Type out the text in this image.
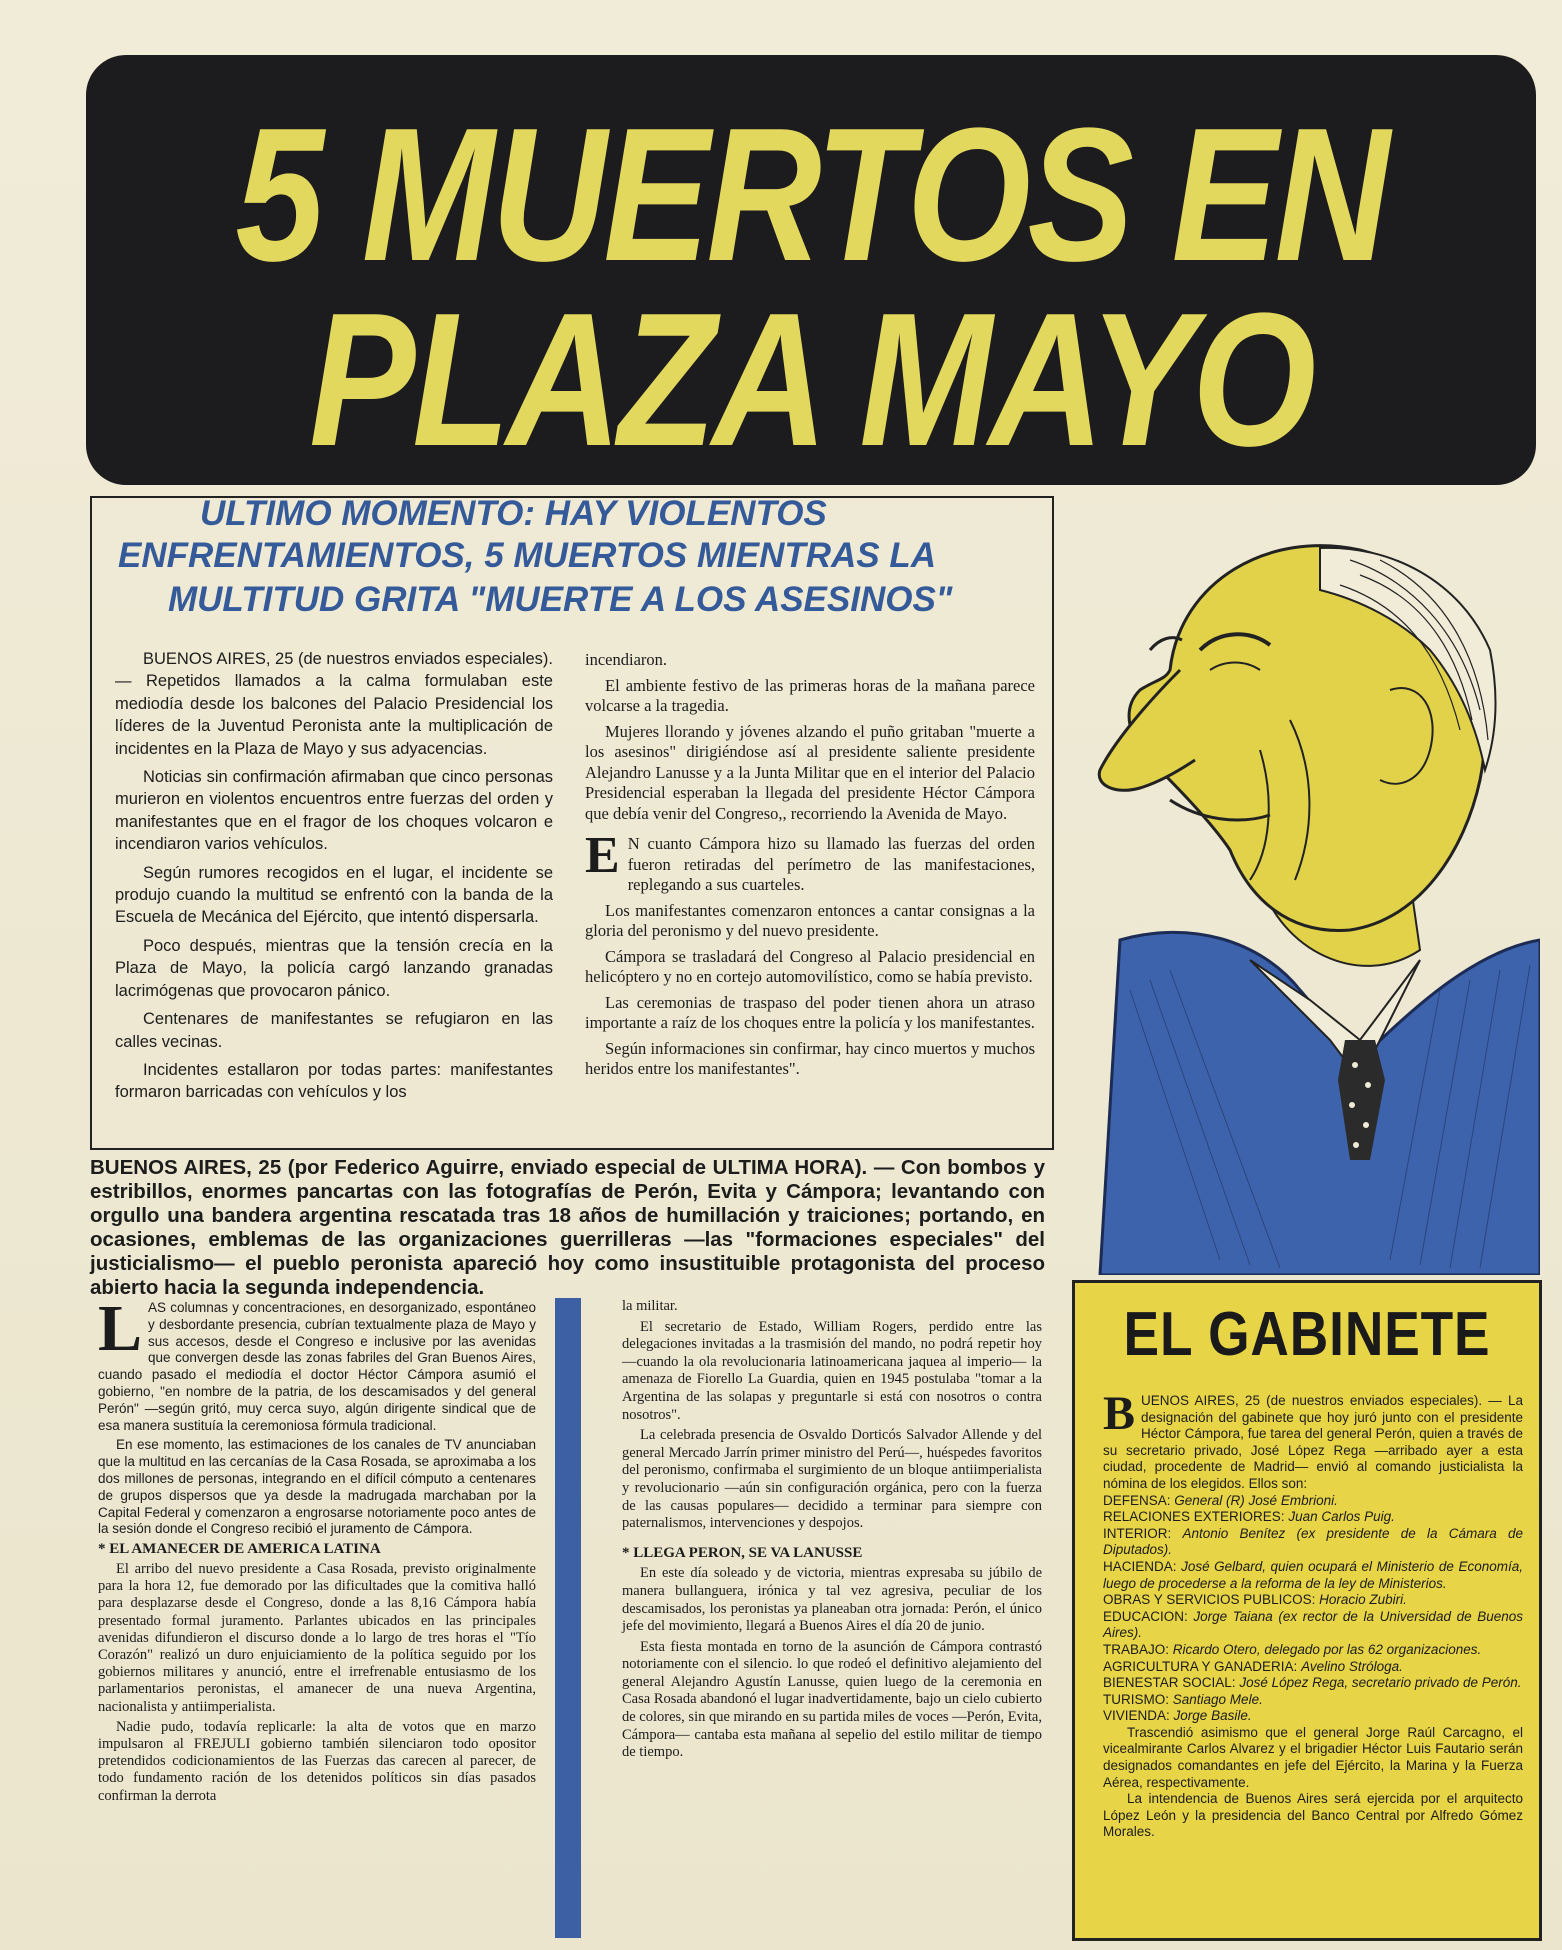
5 MUERTOS EN
PLAZA MAYO
ULTIMO MOMENTO: HAY VIOLENTOS
ENFRENTAMIENTOS, 5 MUERTOS MIENTRAS LA
MULTITUD GRITA "MUERTE A LOS ASESINOS"

BUENOS AIRES, 25 (de nuestros enviados especiales). — Repetidos llamados a la calma formulaban este mediodía desde los balcones del Palacio Presidencial los líderes de la Juventud Peronista ante la multiplicación de incidentes en la Plaza de Mayo y sus adyacencias.

Noticias sin confirmación afirmaban que cinco personas murieron en violentos encuentros entre fuerzas del orden y manifestantes que en el fragor de los choques volcaron e incendiaron varios vehículos.

Según rumores recogidos en el lugar, el incidente se produjo cuando la multitud se enfrentó con la banda de la Escuela de Mecánica del Ejército, que intentó dispersarla.

Poco después, mientras que la tensión crecía en la Plaza de Mayo, la policía cargó lanzando granadas lacrimógenas que provocaron pánico.

Centenares de manifestantes se refugiaron en las calles vecinas.

Incidentes estallaron por todas partes: manifestantes formaron barricadas con vehículos y los

incendiaron.

El ambiente festivo de las primeras horas de la mañana parece volcarse a la tragedia.

Mujeres llorando y jóvenes alzando el puño gritaban "muerte a los asesinos" dirigiéndose así al presidente saliente presidente Alejandro Lanusse y a la Junta Militar que en el interior del Palacio Presidencial esperaban la llegada del presidente Héctor Cámpora que debía venir del Congreso,, recorriendo la Avenida de Mayo.

E N cuanto Cámpora hizo su llamado las fuerzas del orden fueron retiradas del perímetro de las manifestaciones, replegando a sus cuarteles.

Los manifestantes comenzaron entonces a cantar consignas a la gloria del peronismo y del nuevo presidente.

Cámpora se trasladará del Congreso al Palacio presidencial en helicóptero y no en cortejo automovilístico, como se había previsto.

Las ceremonias de traspaso del poder tienen ahora un atraso importante a raíz de los choques entre la policía y los manifestantes.

Según informaciones sin confirmar, hay cinco muertos y muchos heridos entre los manifestantes".

BUENOS AIRES, 25 (por Federico Aguirre, enviado especial de ULTIMA HORA). — Con bombos y estribillos, enormes pancartas con las fotografías de Perón, Evita y Cámpora; levantando con orgullo una bandera argentina rescatada tras 18 años de humillación y traiciones; portando, en ocasiones, emblemas de las organizaciones guerrilleras —las "formaciones especiales" del justicialismo— el pueblo peronista apareció hoy como insustituible protagonista del proceso abierto hacia la segunda independencia.

LAS columnas y concentraciones, en desorganizado, espontáneo y desbordante presencia, cubrían textualmente plaza de Mayo y sus accesos, desde el Congreso e inclusive por las avenidas que convergen desde las zonas fabriles del Gran Buenos Aires, cuando pasado el mediodía el doctor Héctor Cámpora asumió el gobierno, "en nombre de la patria, de los descamisados y del general Perón" —según gritó, muy cerca suyo, algún dirigente sindical que de esa manera sustituía la ceremoniosa fórmula tradicional.

En ese momento, las estimaciones de los canales de TV anunciaban que la multitud en las cercanías de la Casa Rosada, se aproximaba a los dos millones de personas, integrando en el difícil cómputo a centenares de grupos dispersos que ya desde la madrugada marchaban por la Capital Federal y comenzaron a engrosarse notoriamente poco antes de la sesión donde el Congreso recibió el juramento de Cámpora.

* EL AMANECER DE AMERICA LATINA

El arribo del nuevo presidente a Casa Rosada, previsto originalmente para la hora 12, fue demorado por las dificultades que la comitiva halló para desplazarse desde el Congreso, donde a las 8,16 Cámpora había presentado formal juramento. Parlantes ubicados en las principales avenidas difundieron el discurso donde a lo largo de tres horas el "Tío Corazón" realizó un duro enjuiciamiento de la política seguido por los gobiernos militares y anunció, entre el irrefrenable entusiasmo de los parlamentarios peronistas, el amanecer de una nueva Argentina, nacionalista y antiimperialista.

Nadie pudo, todavía replicarle: la alta de votos que en marzo impulsaron al FREJULI gobierno también silenciaron todo opositor pretendidos codicionamientos de las Fuerzas das carecen al parecer, de todo fundamento ración de los detenidos políticos sin días pasados confirman la derrota

la militar.

El secretario de Estado, William Rogers, perdido entre las delegaciones invitadas a la trasmisión del mando, no podrá repetir hoy —cuando la ola revolucionaria latinoamericana jaquea al imperio— la amenaza de Fiorello La Guardia, quien en 1945 postulaba "tomar a la Argentina de las solapas y preguntarle si está con nosotros o contra nosotros".

La celebrada presencia de Osvaldo Dorticós Salvador Allende y del general Mercado Jarrín primer ministro del Perú—, huéspedes favoritos del peronismo, confirmaba el surgimiento de un bloque antiimperialista y revolucionario —aún sin configuración orgánica, pero con la fuerza de las causas populares— decidido a terminar para siempre con paternalismos, intervenciones y despojos.

* LLEGA PERON, SE VA LANUSSE

En este día soleado y de victoria, mientras expresaba su júbilo de manera bullanguera, irónica y tal vez agresiva, peculiar de los descamisados, los peronistas ya planeaban otra jornada: Perón, el único jefe del movimiento, llegará a Buenos Aires el día 20 de junio.

Esta fiesta montada en torno de la asunción de Cámpora contrastó notoriamente con el silencio. lo que rodeó el definitivo alejamiento del general Alejandro Agustín Lanusse, quien luego de la ceremonia en Casa Rosada abandonó el lugar inadvertidamente, bajo un cielo cubierto de colores, sin que mirando en su partida miles de voces —Perón, Evita, Cámpora— cantaba esta mañana al sepelio del estilo militar de tiempo de tiempo.

EL GABINETE

BUENOS AIRES, 25 (de nuestros enviados especiales). — La designación del gabinete que hoy juró junto con el presidente Héctor Cámpora, fue tarea del general Perón, quien a través de su secretario privado, José López Rega —arribado ayer a esta ciudad, procedente de Madrid— envió al comando justicialista la nómina de los elegidos. Ellos son:

DEFENSA: General (R) José Embrioni.

RELACIONES EXTERIORES: Juan Carlos Puig.

INTERIOR: Antonio Benítez (ex presidente de la Cámara de Diputados).

HACIENDA: José Gelbard, quien ocupará el Ministerio de Economía, luego de procederse a la reforma de la ley de Ministerios.

OBRAS Y SERVICIOS PUBLICOS: Horacio Zubiri.

EDUCACION: Jorge Taiana (ex rector de la Universidad de Buenos Aires).

TRABAJO: Ricardo Otero, delegado por las 62 organizaciones.

AGRICULTURA Y GANADERIA: Avelino Stróloga.

BIENESTAR SOCIAL: José López Rega, secretario privado de Perón.

TURISMO: Santiago Mele.

VIVIENDA: Jorge Basile.

Trascendió asimismo que el general Jorge Raúl Carcagno, el vicealmirante Carlos Alvarez y el brigadier Héctor Luis Fautario serán designados comandantes en jefe del Ejército, la Marina y la Fuerza Aérea, respectivamente.

La intendencia de Buenos Aires será ejercida por el arquitecto López León y la presidencia del Banco Central por Alfredo Gómez Morales.
